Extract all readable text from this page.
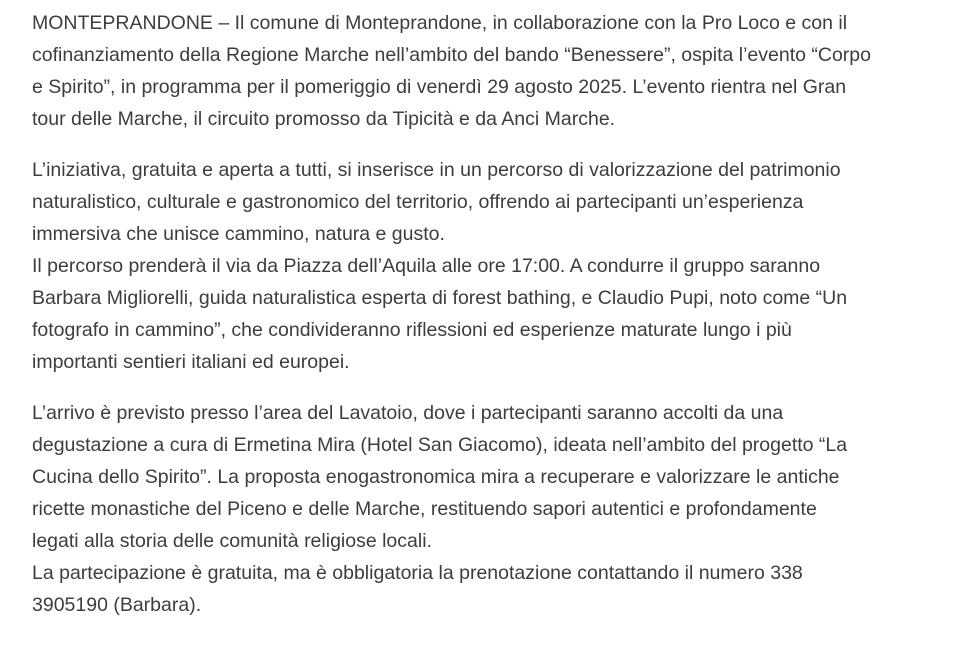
MONTEPRANDONE – Il comune di Monteprandone, in collaborazione con la Pro Loco e con il
cofinanziamento della Regione Marche nell’ambito del bando “Benessere”, ospita l’evento “Corpo
e Spirito”, in programma per il pomeriggio di venerdì 29 agosto 2025. L’evento rientra nel Gran
tour delle Marche, il circuito promosso da Tipicità e da Anci Marche.

L’iniziativa, gratuita e aperta a tutti, si inserisce in un percorso di valorizzazione del patrimonio
naturalistico, culturale e gastronomico del territorio, offrendo ai partecipanti un’esperienza
immersiva che unisce cammino, natura e gusto.
Il percorso prenderà il via da Piazza dell’Aquila alle ore 17:00. A condurre il gruppo saranno
Barbara Migliorelli, guida naturalistica esperta di forest bathing, e Claudio Pupi, noto come “Un
fotografo in cammino”, che condivideranno riflessioni ed esperienze maturate lungo i più
importanti sentieri italiani ed europei.

L’arrivo è previsto presso l’area del Lavatoio, dove i partecipanti saranno accolti da una
degustazione a cura di Ermetina Mira (Hotel San Giacomo), ideata nell’ambito del progetto “La
Cucina dello Spirito”. La proposta enogastronomica mira a recuperare e valorizzare le antiche
ricette monastiche del Piceno e delle Marche, restituendo sapori autentici e profondamente
legati alla storia delle comunità religiose locali.
La partecipazione è gratuita, ma è obbligatoria la prenotazione contattando il numero 338
3905190 (Barbara).
